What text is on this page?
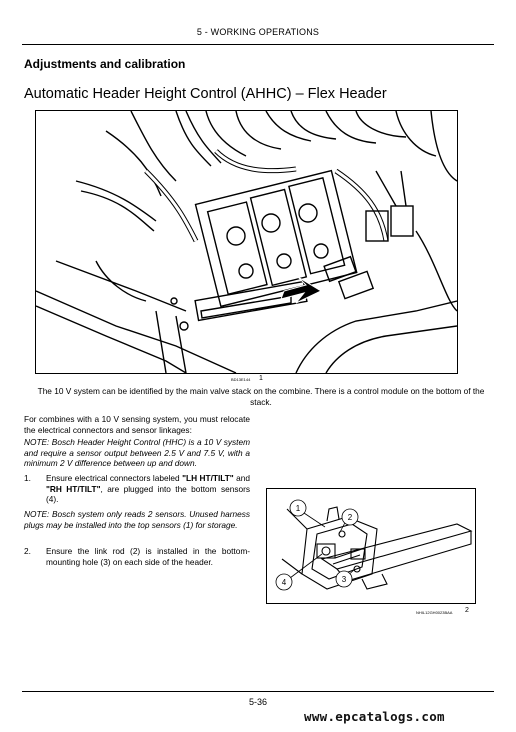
5 - WORKING OPERATIONS
Adjustments and calibration
Automatic Header Height Control (AHHC) – Flex Header
BD13E144 1
The 10 V system can be identified by the main valve stack on the combine. There is a control module on the bottom of the stack.
For combines with a 10 V sensing system, you must relocate the electrical connectors and sensor linkages:
NOTE: Bosch Header Height Control (HHC) is a 10 V system and require a sensor output between 2.5 V and 7.5 V, with a minimum 2 V difference between up and down.
1. Ensure electrical connectors labeled "LH HT/TILT" and "RH HT/TILT", are plugged into the bottom sensors (4).
NOTE: Bosch system only reads 2 sensors. Unused harness plugs may be installed into the top sensors (1) for storage.
2. Ensure the link rod (2) is installed in the bottom-mounting hole (3) on each side of the header.
1
2
3
4
NHIL12GH0023BAA 2
5-36
www.epcatalogs.com
